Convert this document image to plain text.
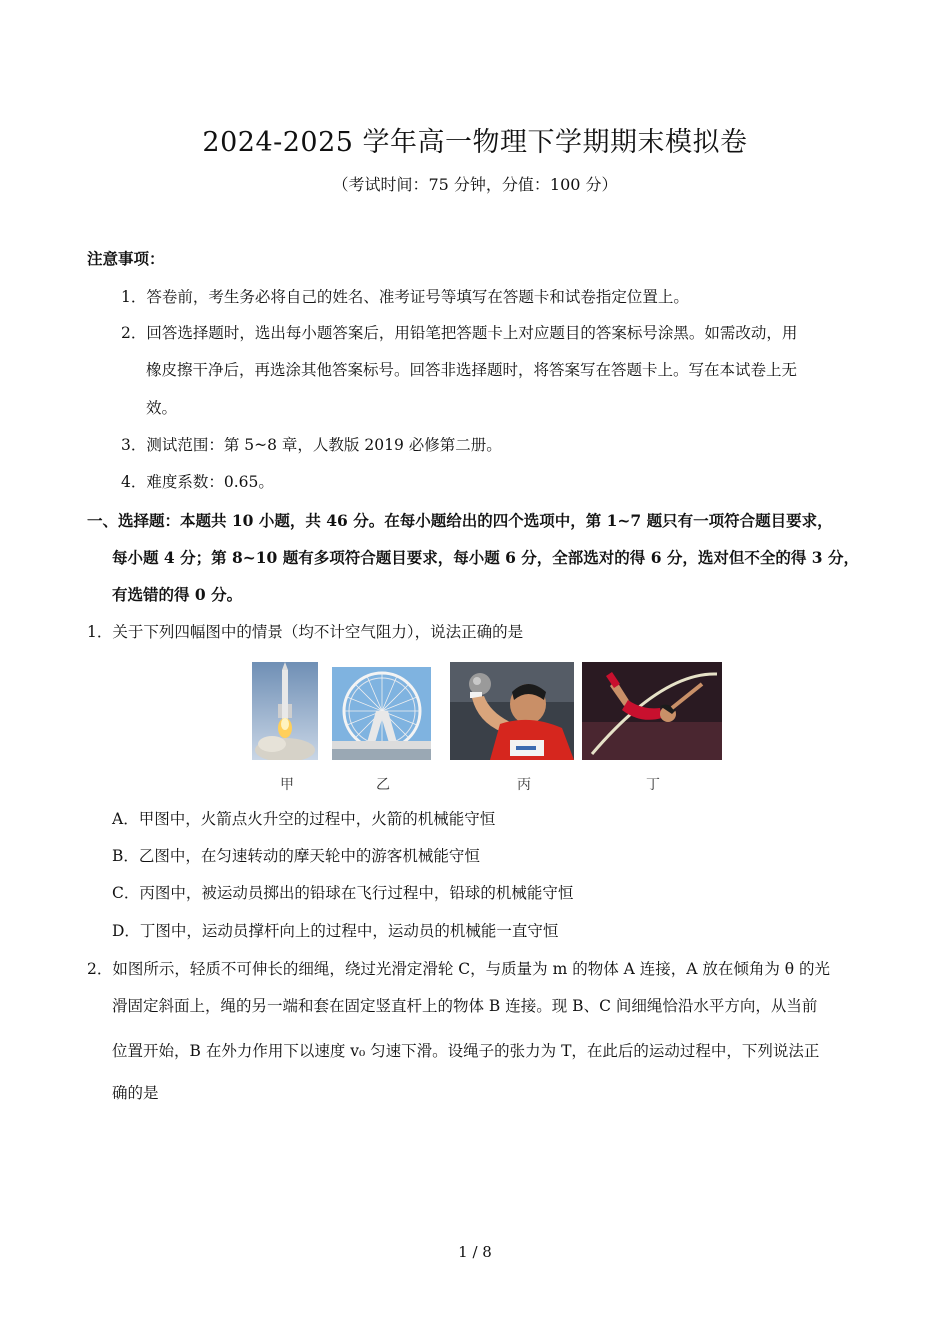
2024-2025 学年高一物理下学期期末模拟卷
（考试时间：75 分钟，分值：100 分）
注意事项：
1．答卷前，考生务必将自己的姓名、准考证号等填写在答题卡和试卷指定位置上。
2．回答选择题时，选出每小题答案后，用铅笔把答题卡上对应题目的答案标号涂黑。如需改动，用
橡皮擦干净后，再选涂其他答案标号。回答非选择题时，将答案写在答题卡上。写在本试卷上无
效。
3．测试范围：第 5~8 章，人教版 2019 必修第二册。
4．难度系数：0.65。
一、选择题：本题共 10 小题，共 46 分。在每小题给出的四个选项中，第 1~7 题只有一项符合题目要求，
每小题 4 分；第 8~10 题有多项符合题目要求，每小题 6 分，全部选对的得 6 分，选对但不全的得 3 分，
有选错的得 0 分。
1．关于下列四幅图中的情景（均不计空气阻力），说法正确的是
甲	乙	丙	丁
A．甲图中，火箭点火升空的过程中，火箭的机械能守恒
B．乙图中，在匀速转动的摩天轮中的游客机械能守恒
C．丙图中，被运动员掷出的铅球在飞行过程中，铅球的机械能守恒
D．丁图中，运动员撑杆向上的过程中，运动员的机械能一直守恒
2．如图所示，轻质不可伸长的细绳，绕过光滑定滑轮 C，与质量为 m 的物体 A 连接，A 放在倾角为 θ 的光
滑固定斜面上，绳的另一端和套在固定竖直杆上的物体 B 连接。现 B、C 间细绳恰沿水平方向，从当前
位置开始，B 在外力作用下以速度 v₀ 匀速下滑。设绳子的张力为 T，在此后的运动过程中，下列说法正
确的是
1 / 8
